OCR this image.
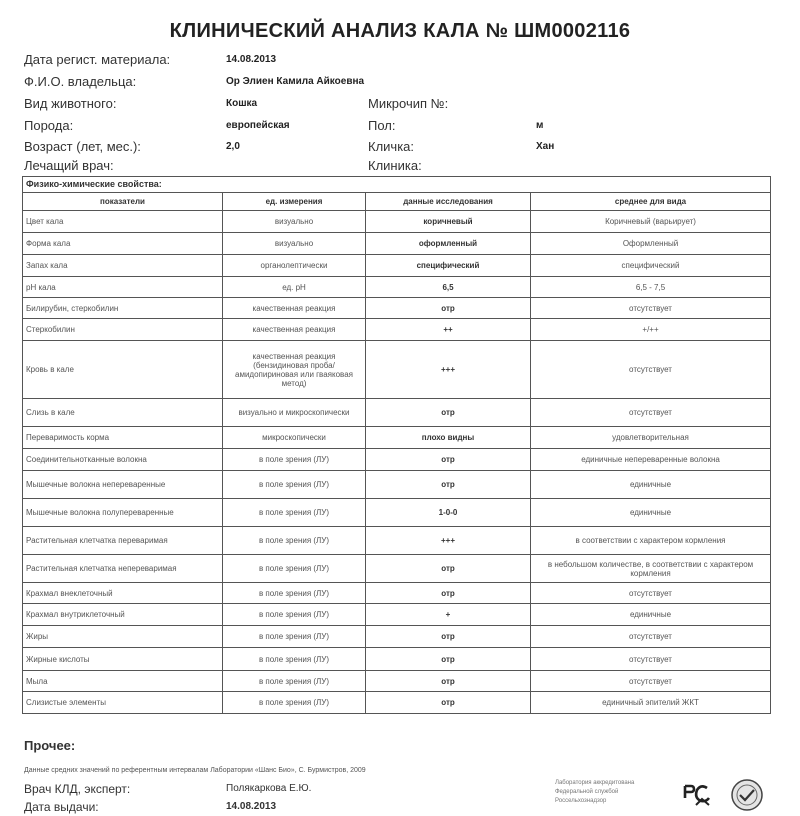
КЛИНИЧЕСКИЙ АНАЛИЗ КАЛА № ШМ0002116
Дата регист. материала:	14.08.2013
Ф.И.О. владельца:	Ор Элиен Камила Айкоевна
Вид животного:	Кошка	Микрочип №:
Порода:	европейская	Пол:	м
Возраст (лет, мес.):	2,0	Кличка:	Хан
Лечащий врач:	Клиника:
Физико-химические свойства:			
показатели	ед. измерения	данные исследования	среднее для вида
Цвет кала	визуально	коричневый	Коричневый (варьирует)
Форма кала	визуально	оформленный	Оформленный
Запах кала	органолептически	специфический	специфический
pH кала	ед. pH	6,5	6,5 - 7,5
Билирубин, стеркобилин	качественная реакция	отр	отсутствует
Стеркобилин	качественная реакция	++	+/++
Кровь в кале	качественная реакция (бензидиновая проба/амидопириновая или гваяковая метод)	+++	отсутствует
Слизь в кале	визуально и микроскопически	отр	отсутствует
Переваримость корма	микроскопически	плохо видны	удовлетворительная
Соединительнотканные волокна	в поле зрения (ЛУ)	отр	единичные непереваренные волокна
Мышечные волокна непереваренные	в поле зрения (ЛУ)	отр	единичные
Мышечные волокна полупереваренные	в поле зрения (ЛУ)	1-0-0	единичные
Растительная клетчатка переваримая	в поле зрения (ЛУ)	+++	в соответствии с характером кормления
Растительная клетчатка непереваримая	в поле зрения (ЛУ)	отр	в небольшом количестве, в соответствии с характером кормления
Крахмал внеклеточный	в поле зрения (ЛУ)	отр	отсутствует
Крахмал внутриклеточный	в поле зрения (ЛУ)	+	единичные
Жиры	в поле зрения (ЛУ)	отр	отсутствует
Жирные кислоты	в поле зрения (ЛУ)	отр	отсутствует
Мыла	в поле зрения (ЛУ)	отр	отсутствует
Слизистые элементы	в поле зрения (ЛУ)	отр	единичный эпителий ЖКТ
Прочее:
Данные средних значений по референтным интервалам Лаборатории «Шанс Био», С. Бурмистров, 2009
Врач КЛД, эксперт:	Полякаркова Е.Ю.
Дата выдачи:	14.08.2013
Лаборатория аккредитована
Федеральной службой
Россельхознадзор
